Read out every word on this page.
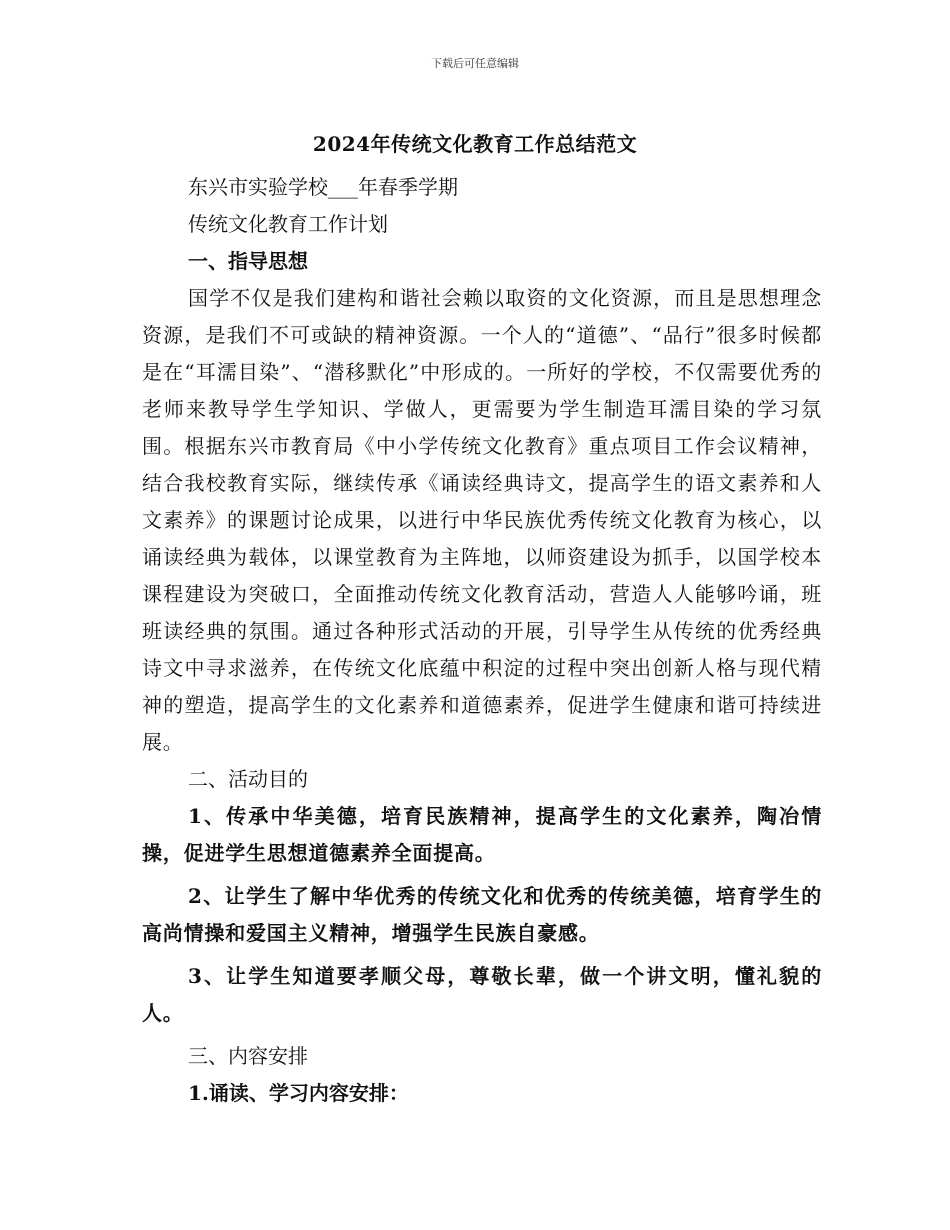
下载后可任意编辑
2024年传统文化教育工作总结范文

东兴市实验学校___年春季学期

传统文化教育工作计划

一、指导思想

国学不仅是我们建构和谐社会赖以取资的文化资源，而且是思想理念资源，是我们不可或缺的精神资源。一个人的“道德”、“品行”很多时候都是在“耳濡目染”、“潜移默化”中形成的。一所好的学校，不仅需要优秀的老师来教导学生学知识、学做人，更需要为学生制造耳濡目染的学习氛围。根据东兴市教育局《中小学传统文化教育》重点项目工作会议精神，结合我校教育实际，继续传承《诵读经典诗文，提高学生的语文素养和人文素养》的课题讨论成果，以进行中华民族优秀传统文化教育为核心，以诵读经典为载体，以课堂教育为主阵地，以师资建设为抓手，以国学校本课程建设为突破口，全面推动传统文化教育活动，营造人人能够吟诵，班班读经典的氛围。通过各种形式活动的开展，引导学生从传统的优秀经典诗文中寻求滋养，在传统文化底蕴中积淀的过程中突出创新人格与现代精神的塑造，提高学生的文化素养和道德素养，促进学生健康和谐可持续进展。

二、活动目的

1、传承中华美德，培育民族精神，提高学生的文化素养，陶冶情操，促进学生思想道德素养全面提高。

2、让学生了解中华优秀的传统文化和优秀的传统美德，培育学生的高尚情操和爱国主义精神，增强学生民族自豪感。

3、让学生知道要孝顺父母，尊敬长辈，做一个讲文明，懂礼貌的人。

三、内容安排

1.诵读、学习内容安排：
